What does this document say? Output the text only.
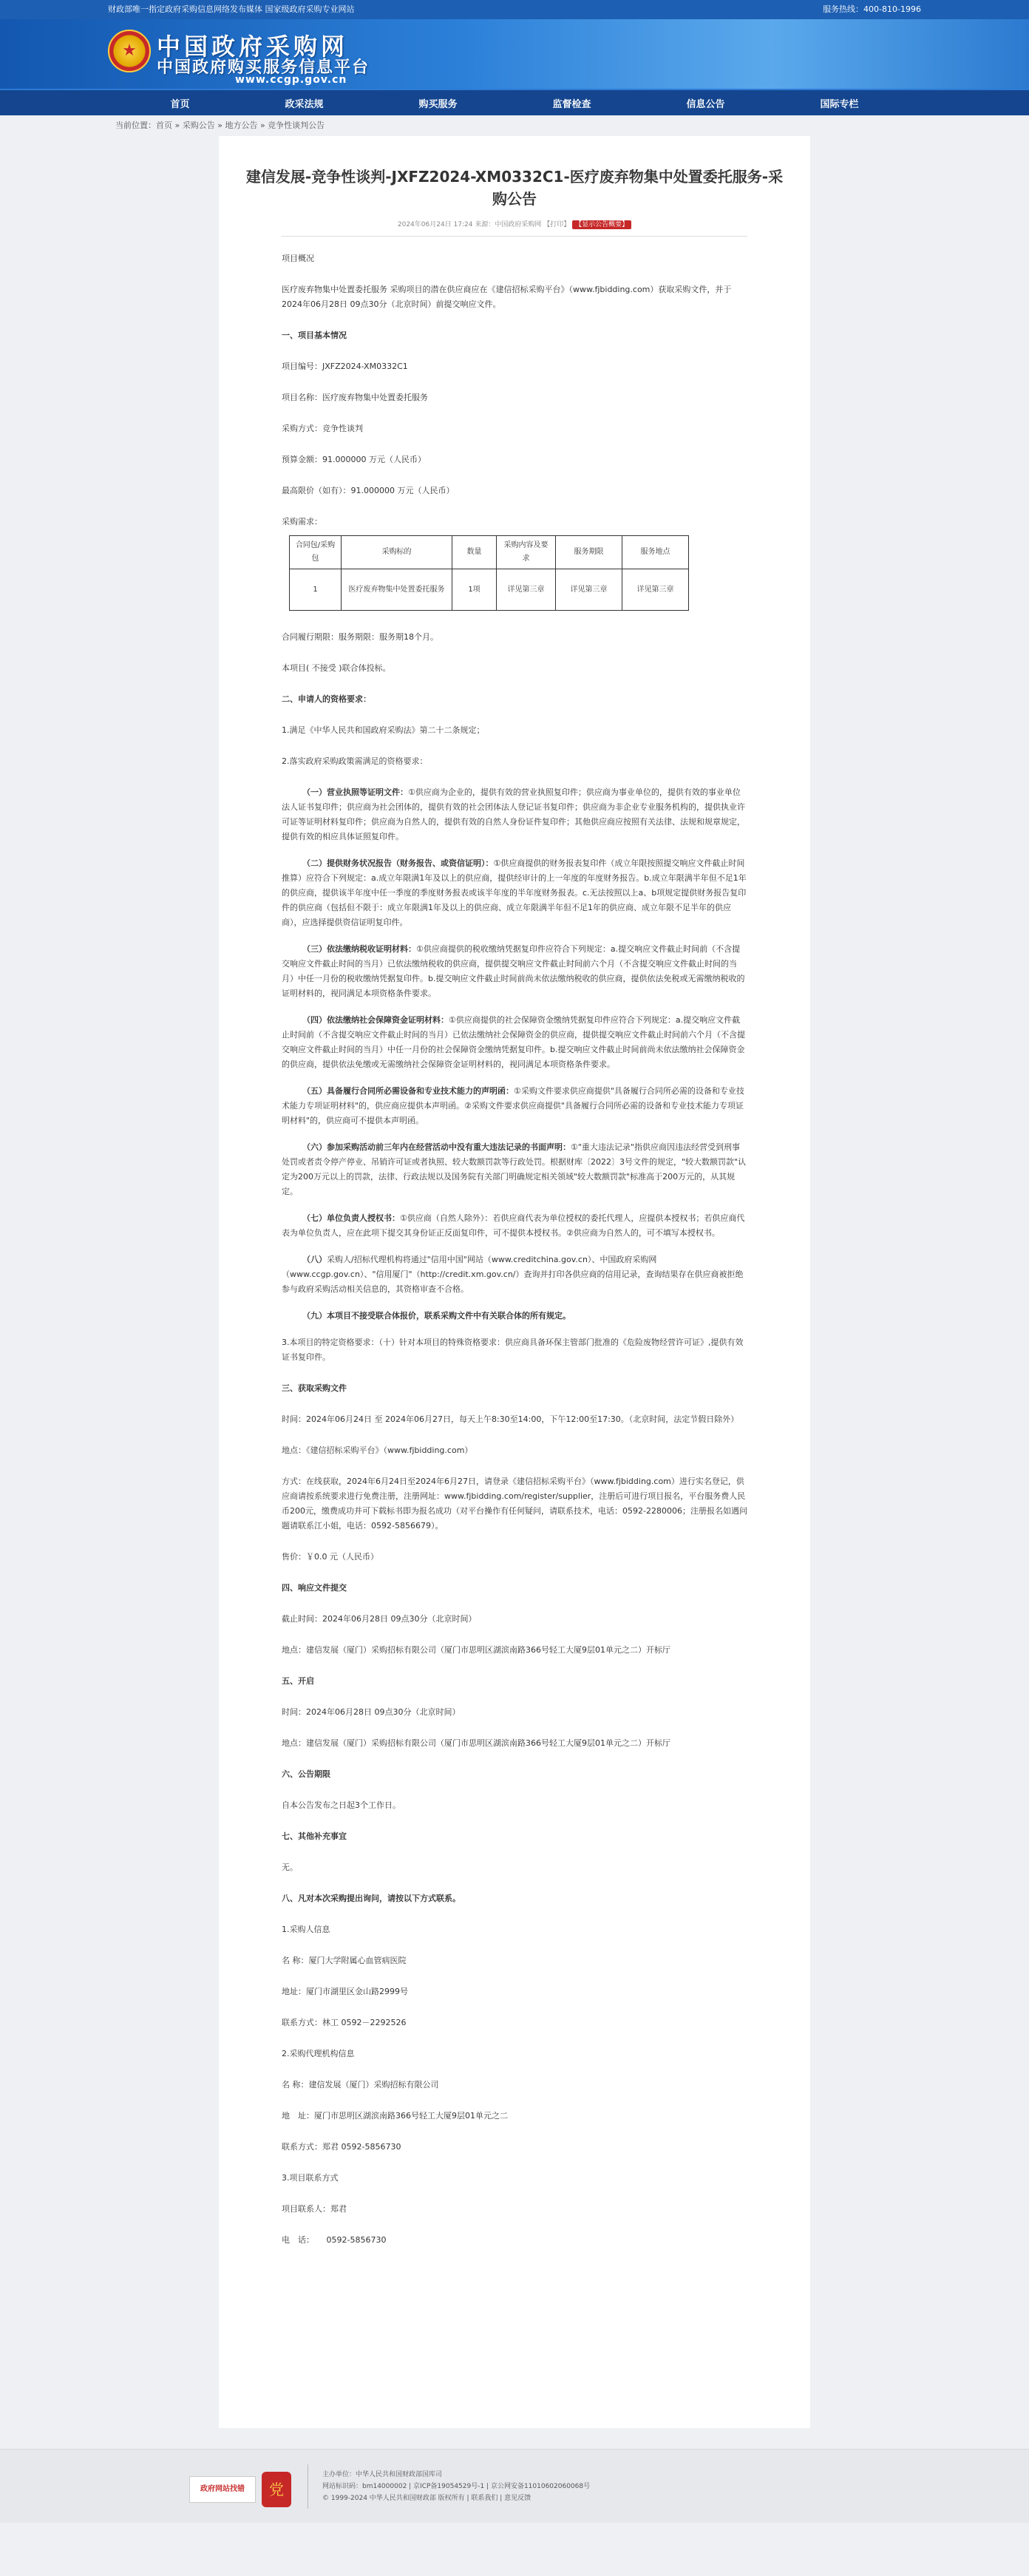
财政部唯一指定政府采购信息网络发布媒体 国家级政府采购专业网站	服务热线：400-810-1996
★ 中国政府采购网
中国政府购买服务信息平台
www.ccgp.gov.cn
首页	政采法规	购买服务	监督检查	信息公告	国际专栏
当前位置：首页 » 采购公告 » 地方公告 » 竞争性谈判公告
建信发展-竞争性谈判-JXFZ2024-XM0332C1-医疗废弃物集中处置委托服务-采购公告
2024年06月24日 17:24 来源：中国政府采购网 【打印】 【显示公告概要】

项目概况

医疗废弃物集中处置委托服务 采购项目的潜在供应商应在《建信招标采购平台》（www.fjbidding.com）获取采购文件，并于2024年06月28日 09点30分（北京时间）前提交响应文件。

一、项目基本情况

项目编号：JXFZ2024-XM0332C1

项目名称：医疗废弃物集中处置委托服务

采购方式：竞争性谈判

预算金额：91.000000 万元（人民币）

最高限价（如有）：91.000000 万元（人民币）

采购需求：

合同包/采购包	采购标的	数量	采购内容及要求	服务期限	服务地点
1	医疗废弃物集中处置委托服务	1项	详见第三章	详见第三章	详见第三章

合同履行期限：服务期限：服务期18个月。

本项目( 不接受 )联合体投标。

二、申请人的资格要求：

1.满足《中华人民共和国政府采购法》第二十二条规定；

2.落实政府采购政策需满足的资格要求：

（一）营业执照等证明文件：①供应商为企业的，提供有效的营业执照复印件；供应商为事业单位的，提供有效的事业单位法人证书复印件；供应商为社会团体的，提供有效的社会团体法人登记证书复印件；供应商为非企业专业服务机构的，提供执业许可证等证明材料复印件；供应商为自然人的，提供有效的自然人身份证件复印件；其他供应商应按照有关法律、法规和规章规定，提供有效的相应具体证照复印件。

（二）提供财务状况报告（财务报告、或资信证明）：①供应商提供的财务报表复印件（成立年限按照提交响应文件截止时间推算）应符合下列规定：a.成立年限满1年及以上的供应商，提供经审计的上一年度的年度财务报告。b.成立年限满半年但不足1年的供应商，提供该半年度中任一季度的季度财务报表或该半年度的半年度财务报表。c.无法按照以上a、b项规定提供财务报告复印件的供应商（包括但不限于：成立年限满1年及以上的供应商、成立年限满半年但不足1年的供应商、成立年限不足半年的供应商），应选择提供资信证明复印件。

（三）依法缴纳税收证明材料：①供应商提供的税收缴纳凭据复印件应符合下列规定：a.提交响应文件截止时间前（不含提交响应文件截止时间的当月）已依法缴纳税收的供应商，提供提交响应文件截止时间前六个月（不含提交响应文件截止时间的当月）中任一月份的税收缴纳凭据复印件。b.提交响应文件截止时间前尚未依法缴纳税收的供应商，提供依法免税或无需缴纳税收的证明材料的，视同满足本项资格条件要求。

（四）依法缴纳社会保障资金证明材料：①供应商提供的社会保障资金缴纳凭据复印件应符合下列规定：a.提交响应文件截止时间前（不含提交响应文件截止时间的当月）已依法缴纳社会保障资金的供应商，提供提交响应文件截止时间前六个月（不含提交响应文件截止时间的当月）中任一月份的社会保障资金缴纳凭据复印件。b.提交响应文件截止时间前尚未依法缴纳社会保障资金的供应商，提供依法免缴或无需缴纳社会保障资金证明材料的，视同满足本项资格条件要求。

（五）具备履行合同所必需设备和专业技术能力的声明函：①采购文件要求供应商提供"具备履行合同所必需的设备和专业技术能力专项证明材料"的，供应商应提供本声明函。②采购文件要求供应商提供"具备履行合同所必需的设备和专业技术能力专项证明材料"的，供应商可不提供本声明函。

（六）参加采购活动前三年内在经营活动中没有重大违法记录的书面声明：①"重大违法记录"指供应商因违法经营受到刑事处罚或者责令停产停业、吊销许可证或者执照、较大数额罚款等行政处罚。根据财库〔2022〕3号文件的规定，"较大数额罚款"认定为200万元以上的罚款，法律、行政法规以及国务院有关部门明确规定相关领域"较大数额罚款"标准高于200万元的，从其规定。

（七）单位负责人授权书：①供应商（自然人除外）：若供应商代表为单位授权的委托代理人，应提供本授权书；若供应商代表为单位负责人，应在此项下提交其身份证正反面复印件，可不提供本授权书。②供应商为自然人的，可不填写本授权书。

（八）采购人/招标代理机构将通过"信用中国"网站（www.creditchina.gov.cn）、中国政府采购网（www.ccgp.gov.cn）、"信用厦门"（http://credit.xm.gov.cn/）查询并打印各供应商的信用记录，查询结果存在供应商被拒绝参与政府采购活动相关信息的，其资格审查不合格。

（九）本项目不接受联合体报价，联系采购文件中有关联合体的所有规定。

3.本项目的特定资格要求：（十）针对本项目的特殊资格要求：供应商具备环保主管部门批准的《危险废物经营许可证》,提供有效证书复印件。

三、获取采购文件

时间：2024年06月24日 至 2024年06月27日，每天上午8:30至14:00，下午12:00至17:30。（北京时间，法定节假日除外）

地点：《建信招标采购平台》（www.fjbidding.com）

方式：在线获取，2024年6月24日至2024年6月27日，请登录《建信招标采购平台》（www.fjbidding.com）进行实名登记，供应商请按系统要求进行免费注册，注册网址：www.fjbidding.com/register/supplier，注册后可进行项目报名，平台服务费人民币200元，缴费成功并可下载标书即为报名成功（对平台操作有任何疑问，请联系技术，电话：0592-2280006；注册报名如遇问题请联系江小姐，电话：0592-5856679）。

售价：￥0.0 元（人民币）

四、响应文件提交

截止时间：2024年06月28日 09点30分（北京时间）

地点：建信发展（厦门）采购招标有限公司（厦门市思明区湖滨南路366号轻工大厦9层01单元之二）开标厅

五、开启

时间：2024年06月28日 09点30分（北京时间）

地点：建信发展（厦门）采购招标有限公司（厦门市思明区湖滨南路366号轻工大厦9层01单元之二）开标厅

六、公告期限

自本公告发布之日起3个工作日。

七、其他补充事宜

无。

八、凡对本次采购提出询问，请按以下方式联系。

1.采购人信息

名 称：厦门大学附属心血管病医院

地址：厦门市湖里区金山路2999号

联系方式：林工 0592－2292526

2.采购代理机构信息

名 称：建信发展（厦门）采购招标有限公司

地　址：厦门市思明区湖滨南路366号轻工大厦9层01单元之二

联系方式：郑君 0592-5856730

3.项目联系方式

项目联系人：郑君

电　话：　　0592-5856730

政府网站找错	党
主办单位：中华人民共和国财政部国库司
网站标识码：bm14000002 | 京ICP备19054529号-1 | 京公网安备11010602060068号
© 1999-2024 中华人民共和国财政部 版权所有 | 联系我们 | 意见反馈
